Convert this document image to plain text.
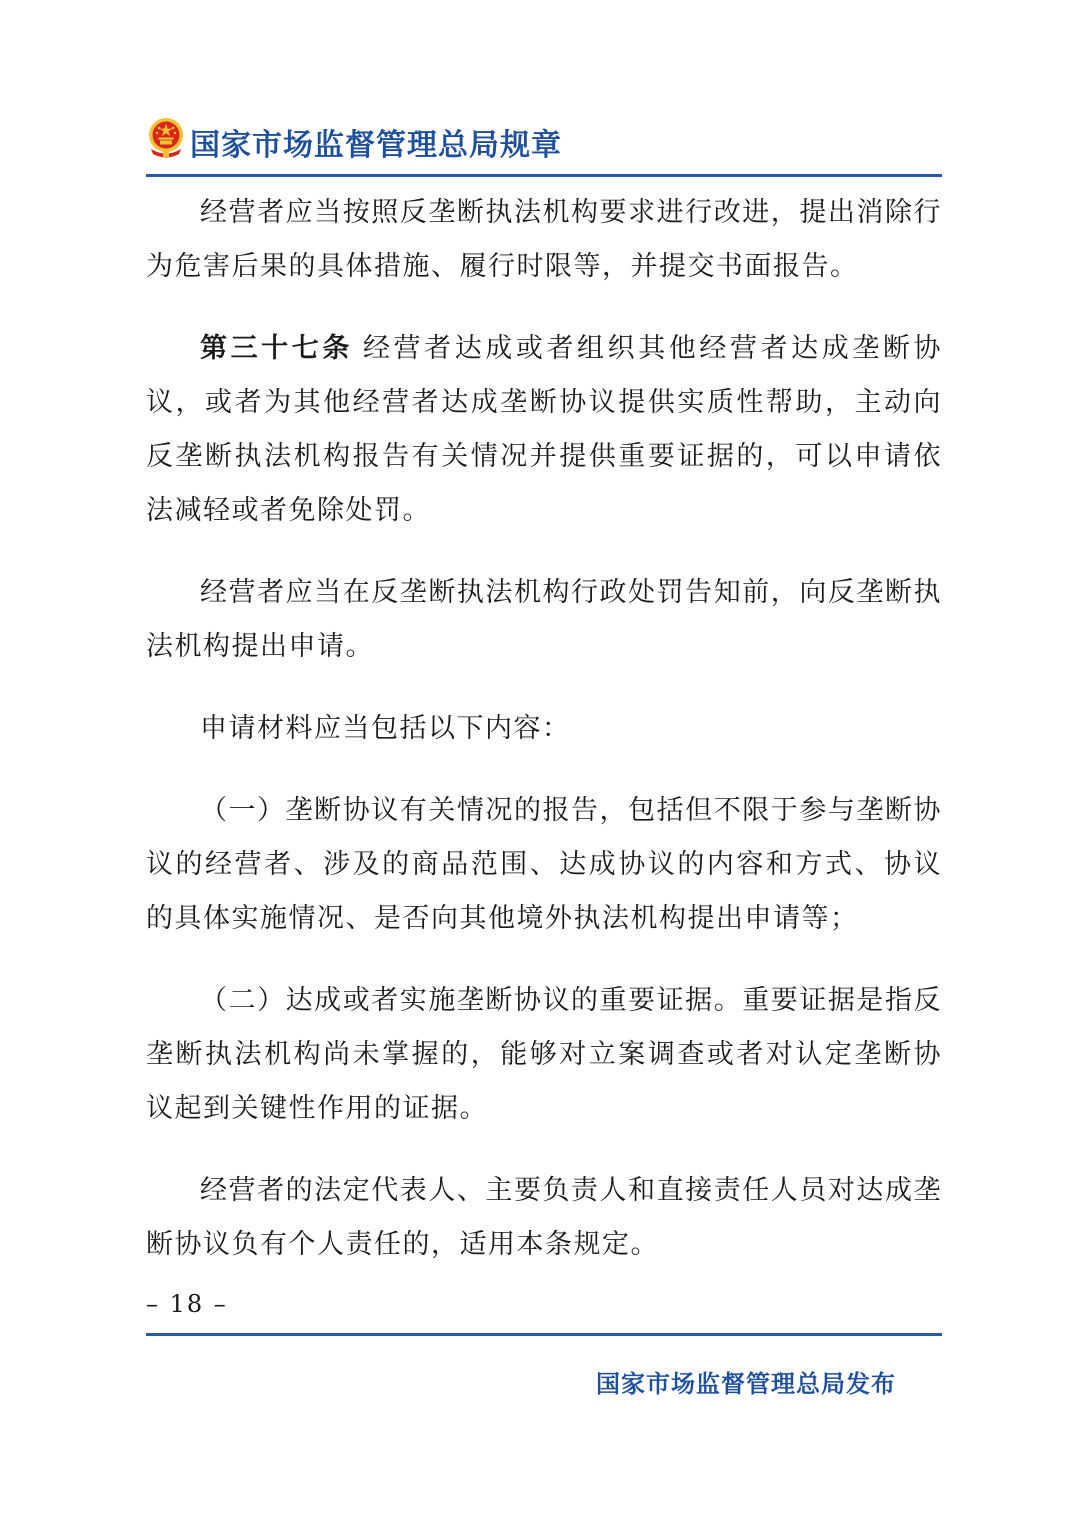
国家市场监督管理总局规章

经营者应当按照反垄断执法机构要求进行改进，提出消除行为危害后果的具体措施、履行时限等，并提交书面报告。

第三十七条 经营者达成或者组织其他经营者达成垄断协议，或者为其他经营者达成垄断协议提供实质性帮助，主动向反垄断执法机构报告有关情况并提供重要证据的，可以申请依法减轻或者免除处罚。

经营者应当在反垄断执法机构行政处罚告知前，向反垄断执法机构提出申请。

申请材料应当包括以下内容：

（一）垄断协议有关情况的报告，包括但不限于参与垄断协议的经营者、涉及的商品范围、达成协议的内容和方式、协议的具体实施情况、是否向其他境外执法机构提出申请等；

（二）达成或者实施垄断协议的重要证据。重要证据是指反垄断执法机构尚未掌握的，能够对立案调查或者对认定垄断协议起到关键性作用的证据。

经营者的法定代表人、主要负责人和直接责任人员对达成垄断协议负有个人责任的，适用本条规定。

– 18 –
国家市场监督管理总局发布
